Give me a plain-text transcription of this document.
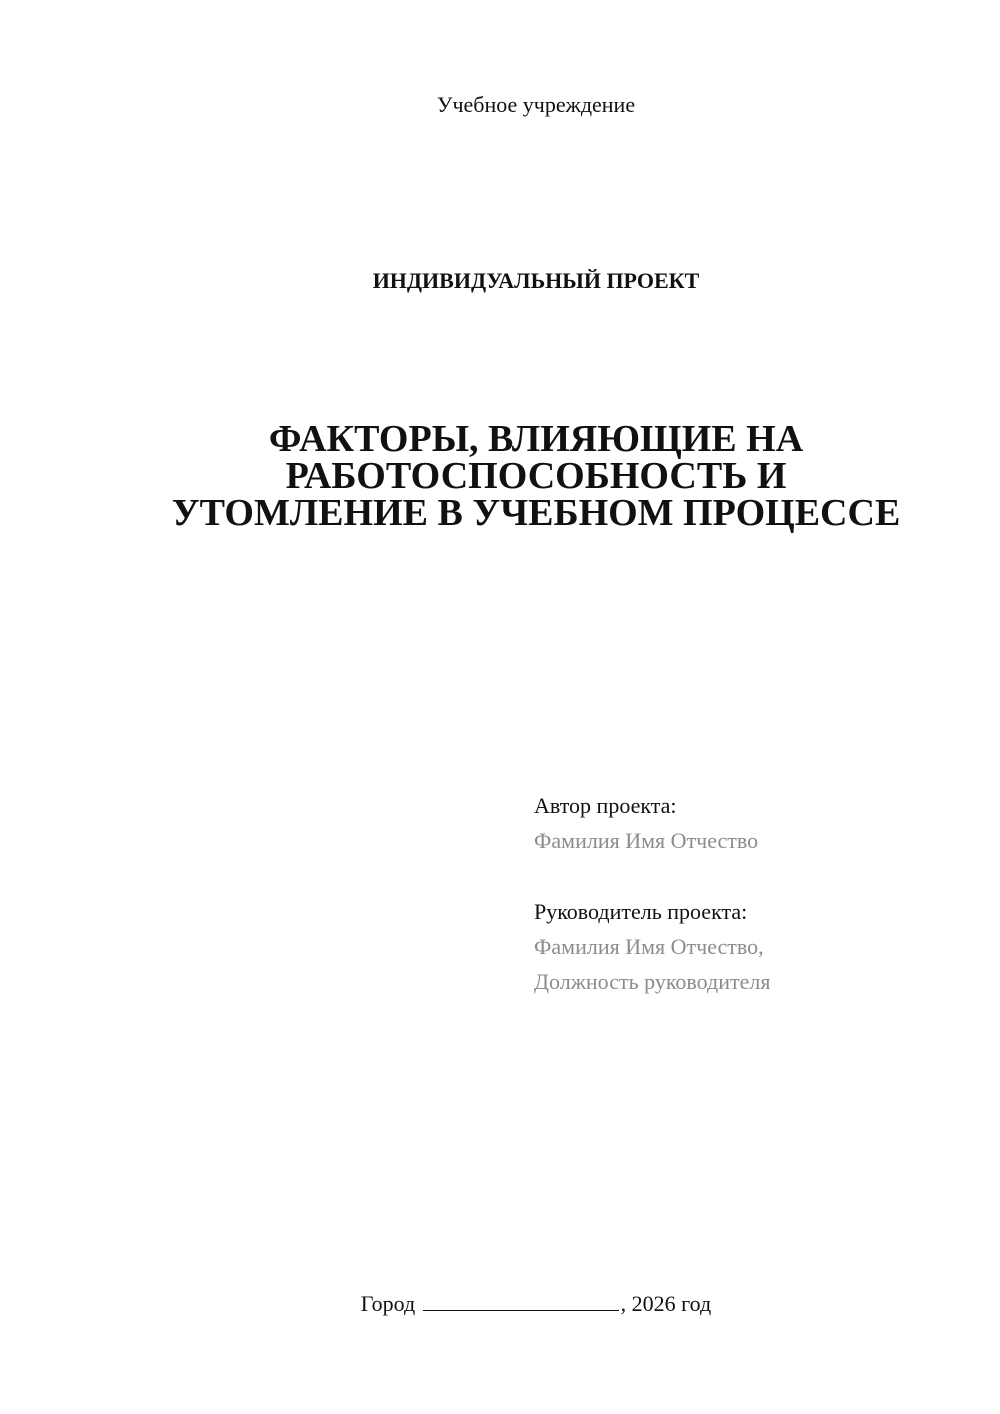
Учебное учреждение
ИНДИВИДУАЛЬНЫЙ ПРОЕКТ
ФАКТОРЫ, ВЛИЯЮЩИЕ НА
РАБОТОСПОСОБНОСТЬ И
УТОМЛЕНИЕ В УЧЕБНОМ ПРОЦЕССЕ
Автор проекта:
Фамилия Имя Отчество
Руководитель проекта:
Фамилия Имя Отчество,
Должность руководителя
Город	, 2026 год
